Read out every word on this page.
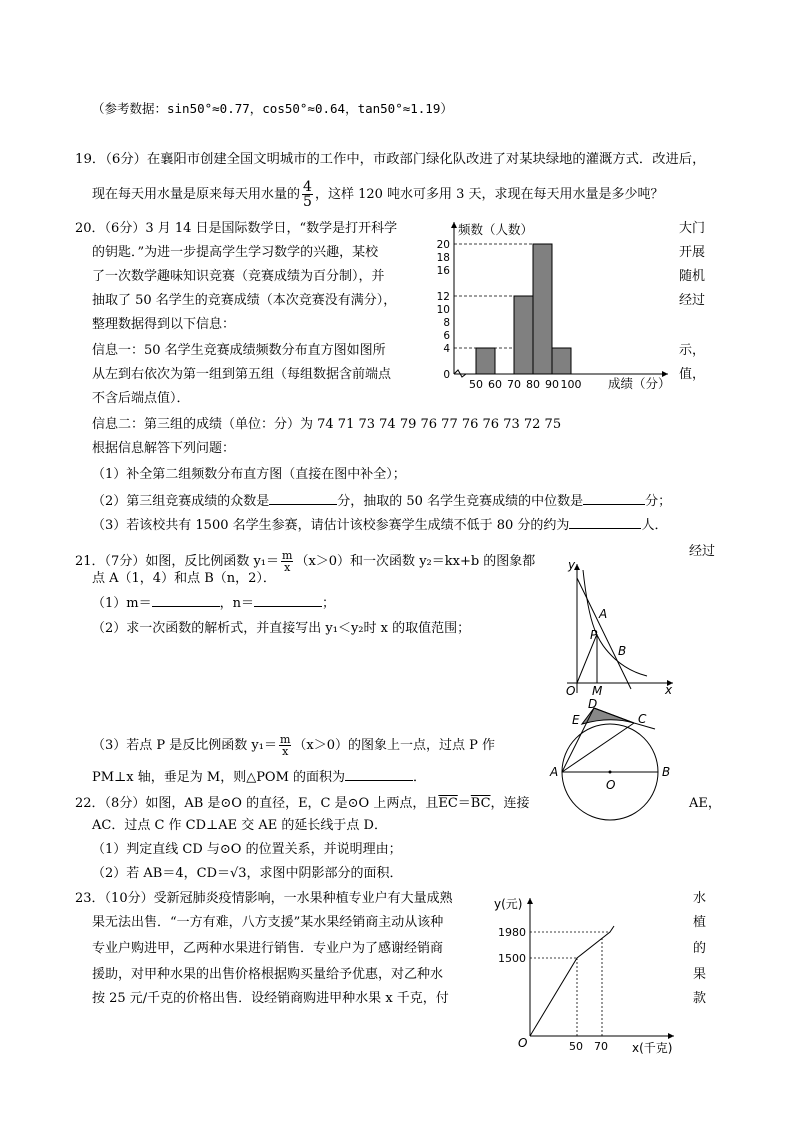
（参考数据：sin50°≈0.77，cos50°≈0.64，tan50°≈1.19）
19．（6分）在襄阳市创建全国文明城市的工作中，市政部门绿化队改进了对某块绿地的灌溉方式．改进后，
现在每天用水量是原来每天用水量的 $\frac{4}{5}$ ，这样 120 吨水可多用 3 天，求现在每天用水量是多少吨？
20．（6分）3 月 14 日是国际数学日，“数学是打开科学
的钥匙．”为进一步提高学生学习数学的兴趣，某校
了一次数学趣味知识竞赛（竞赛成绩为百分制），并
抽取了 50 名学生的竞赛成绩（本次竞赛没有满分），
整理数据得到以下信息：
信息一：50 名学生竞赛成绩频数分布直方图如图所
从左到右依次为第一组到第五组（每组数据含前端点
不含后端点值）．
大门
开展
随机
经过
示，
值，
0
4
6
8
10
12
16
18
20
50 60 70 80 90 100
频数（人数）
成绩（分）
信息二：第三组的成绩（单位：分）为 74 71 73 74 79 76 77 76 76 73 72 75
根据信息解答下列问题：
（1）补全第二组频数分布直方图（直接在图中补全）；
（2）第三组竞赛成绩的众数是	分，抽取的 50 名学生竞赛成绩的中位数是	分；
（3）若该校共有 1500 名学生参赛，请估计该校参赛学生成绩不低于 80 分的约为	人．
21．（7分）如图，反比例函数 $y_1= \frac{m}{x} (x>0)$和一次函数 y₂＝kx+b 的图象都
经过
点 A（1，4）和点 B（n，2）．
（1）m＝	，n＝	；
（2）求一次函数的解析式，并直接写出 y₁＜y₂时 x 的取值范围；
（3）若点 P 是反比例函数 $y_1= \frac{m}{x} (x>0)$的图象上一点，过点 P 作
PM⊥x 轴，垂足为 M，则△POM 的面积为	．
y
x
O M
P
A
B
A	B
C
D
E
O
22．（8分）如图，AB 是⊙O 的直径，E，C 是⊙O 上两点，且$\overline{EC}=\overline{BC}$，连接	AE，
AC．过点 C 作 CD⊥AE 交 AE 的延长线于点 D．
（1）判定直线 CD 与⊙O 的位置关系，并说明理由；
（2）若 AB＝4，CD＝√3，求图中阴影部分的面积．
23．（10分）受新冠肺炎疫情影响，一水果种植专业户有大量成熟
果无法出售．“一方有难，八方支援”某水果经销商主动从该种
专业户购进甲，乙两种水果进行销售．专业户为了感谢经销商
援助，对甲种水果的出售价格根据购买量给予优惠，对乙种水
按 25 元/千克的价格出售．设经销商购进甲种水果 x 千克，付
水
植
的
果
款
y(元)
1980
1500
O	50 70 x(千克)
